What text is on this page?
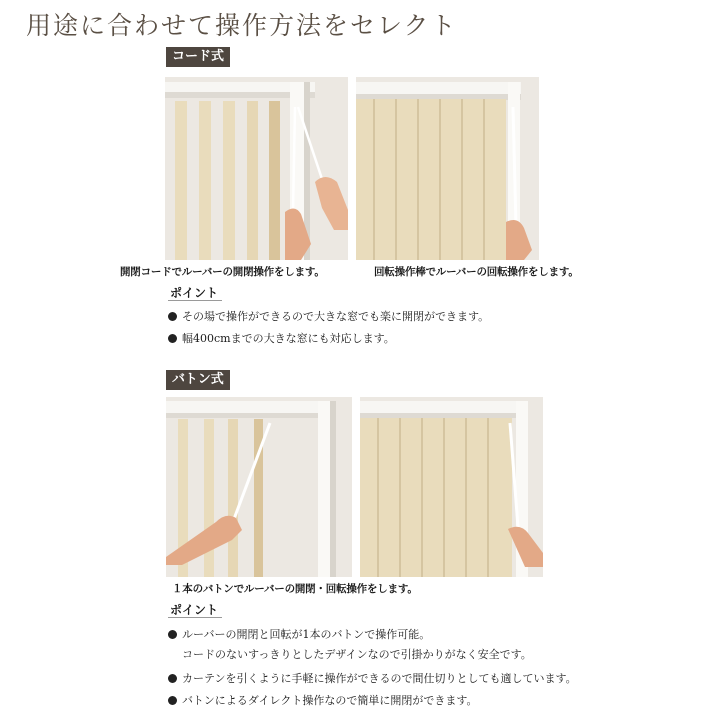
用途に合わせて操作方法をセレクト
コード式
開閉コードでルーバーの開閉操作をします。	回転操作棒でルーバーの回転操作をします。
ポイント
その場で操作ができるので大きな窓でも楽に開閉ができます。
幅400cmまでの大きな窓にも対応します。
バトン式
１本のバトンでルーバーの開閉・回転操作をします。
ポイント
ルーバーの開閉と回転が1本のバトンで操作可能。
コードのないすっきりとしたデザインなので引掛かりがなく安全です。
カーテンを引くように手軽に操作ができるので間仕切りとしても適しています。
バトンによるダイレクト操作なので簡単に開閉ができます。
